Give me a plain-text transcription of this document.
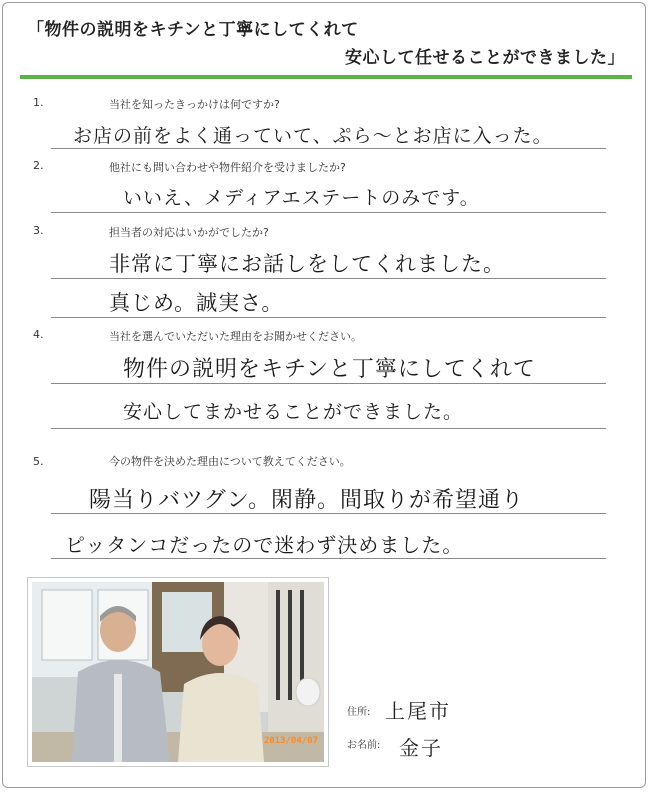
「物件の説明をキチンと丁寧にしてくれて
安心して任せることができました」
1.	当社を知ったきっかけは何ですか?
お店の前をよく通っていて、ぷら〜とお店に入った。
2.	他社にも問い合わせや物件紹介を受けましたか?
いいえ、メディアエステートのみです。
3.	担当者の対応はいかがでしたか?
非常に丁寧にお話しをしてくれました。
真じめ。誠実さ。
4.	当社を選んでいただいた理由をお聞かせください。
物件の説明をキチンと丁寧にしてくれて
安心してまかせることができました。
5.	今の物件を決めた理由について教えてください。
陽当りバツグン。閑静。間取りが希望通り
ピッタンコだったので迷わず決めました。
2013/04/07
住所: 上尾市
お名前: 金子
